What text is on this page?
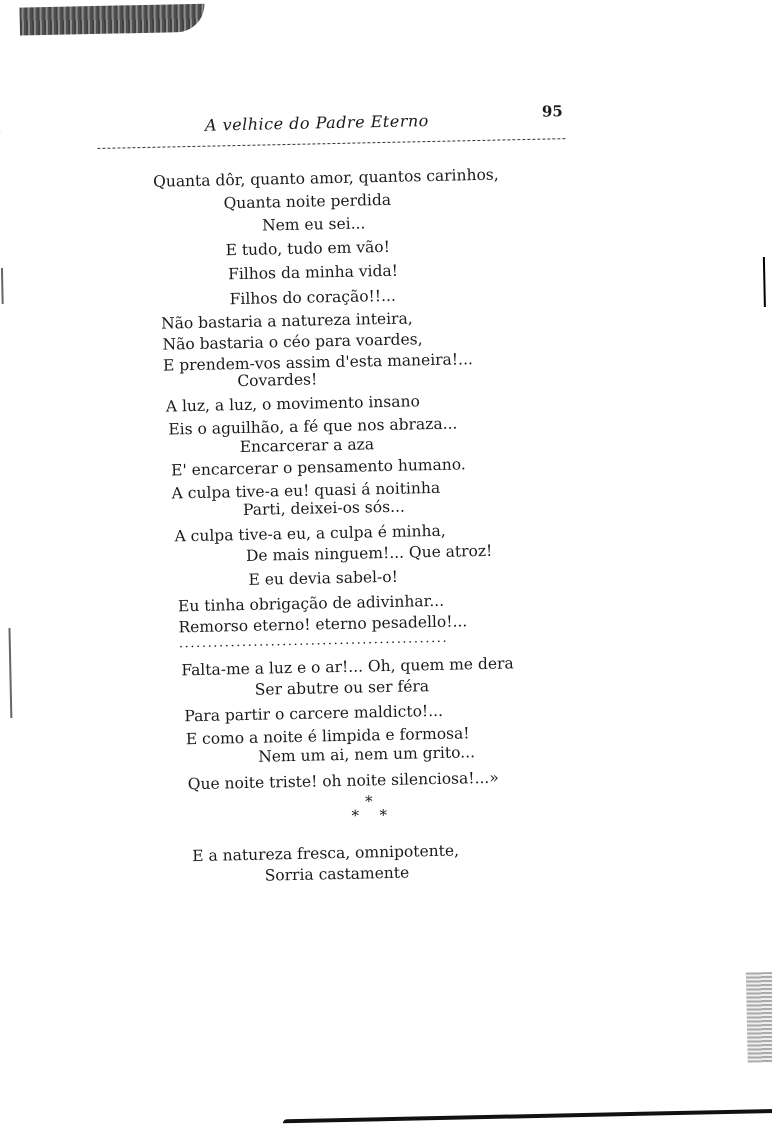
A velhice do Padre Eterno	95
Quanta dôr, quanto amor, quantos carinhos,
Quanta noite perdida
Nem eu sei...
E tudo, tudo em vão!
Filhos da minha vida!
Filhos do coração!!...
Não bastaria a natureza inteira,
Não bastaria o céo para voardes,
E prendem-vos assim d'esta maneira!...
Covardes!
A luz, a luz, o movimento insano
Eis o aguilhão, a fé que nos abraza...
Encarcerar a aza
E' encarcerar o pensamento humano.
A culpa tive-a eu! quasi á noitinha
Parti, deixei-os sós...
A culpa tive-a eu, a culpa é minha,
De mais ninguem!... Que atroz!
E eu devia sabel-o!
Eu tinha obrigação de adivinhar...
Remorso eterno! eterno pesadello!...
...............................................
Falta-me a luz e o ar!... Oh, quem me dera
Ser abutre ou ser féra
Para partir o carcere maldicto!...
E como a noite é limpida e formosa!
Nem um ai, nem um grito...
Que noite triste! oh noite silenciosa!...»
*
* *
E a natureza fresca, omnipotente,
Sorria castamente
